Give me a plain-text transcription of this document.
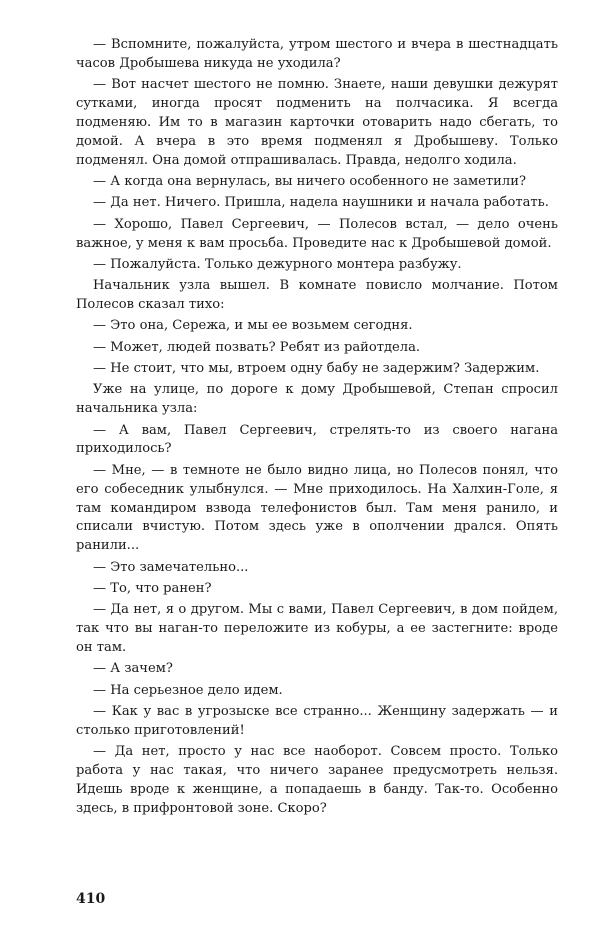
— Вспомните, пожалуйста, утром шестого и вчера в шестнадцать часов Дробышева никуда не уходила?

— Вот насчет шестого не помню. Знаете, наши девушки дежурят сутками, иногда просят подменить на полчасика. Я всегда подменяю. Им то в магазин карточки отоварить надо сбегать, то домой. А вчера в это время подменял я Дробышеву. Только подменял. Она домой отпрашивалась. Правда, недолго ходила.

— А когда она вернулась, вы ничего особенного не заметили?

— Да нет. Ничего. Пришла, надела наушники и начала работать.

— Хорошо, Павел Сергеевич, — Полесов встал, — дело очень важное, у меня к вам просьба. Проведите нас к Дробышевой домой.

— Пожалуйста. Только дежурного монтера разбужу.

Начальник узла вышел. В комнате повисло молчание. Потом Полесов сказал тихо:

— Это она, Сережа, и мы ее возьмем сегодня.

— Может, людей позвать? Ребят из райотдела.

— Не стоит, что мы, втроем одну бабу не задержим? Задержим.

Уже на улице, по дороге к дому Дробышевой, Степан спросил начальника узла:

— А вам, Павел Сергеевич, стрелять-то из своего нагана приходилось?

— Мне, — в темноте не было видно лица, но Полесов понял, что его собеседник улыбнулся. — Мне приходилось. На Халхин-Голе, я там командиром взвода телефонистов был. Там меня ранило, и списали вчистую. Потом здесь уже в ополчении дрался. Опять ранили...

— Это замечательно...

— То, что ранен?

— Да нет, я о другом. Мы с вами, Павел Сергеевич, в дом пойдем, так что вы наган-то переложите из кобуры, а ее застегните: вроде он там.

— А зачем?

— На серьезное дело идем.

— Как у вас в угрозыске все странно... Женщину задержать — и столько приготовлений!

— Да нет, просто у нас все наоборот. Совсем просто. Только работа у нас такая, что ничего заранее предусмотреть нельзя. Идешь вроде к женщине, а попадаешь в банду. Так-то. Особенно здесь, в прифронтовой зоне. Скоро?

410
